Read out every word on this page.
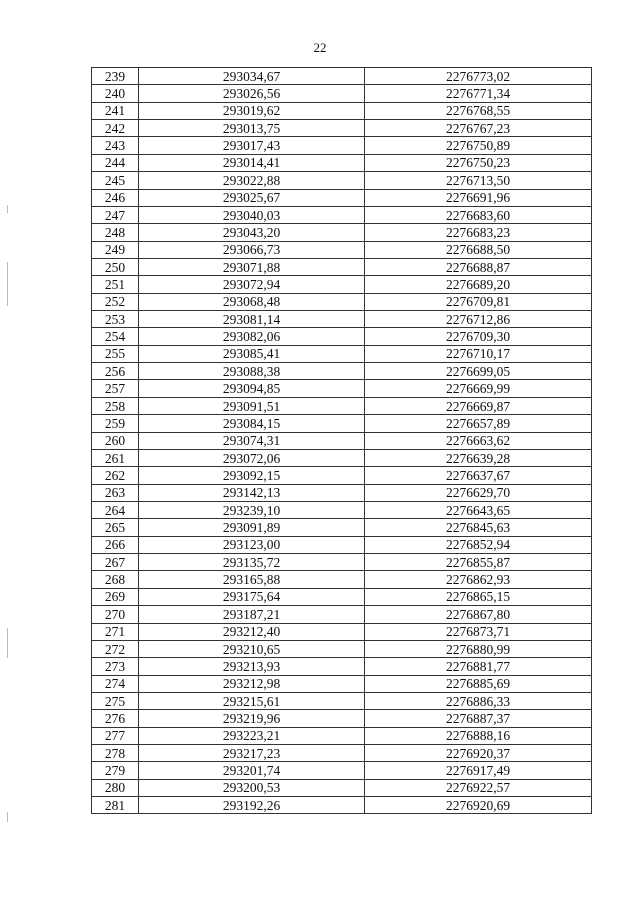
22
239	293034,67	2276773,02
240	293026,56	2276771,34
241	293019,62	2276768,55
242	293013,75	2276767,23
243	293017,43	2276750,89
244	293014,41	2276750,23
245	293022,88	2276713,50
246	293025,67	2276691,96
247	293040,03	2276683,60
248	293043,20	2276683,23
249	293066,73	2276688,50
250	293071,88	2276688,87
251	293072,94	2276689,20
252	293068,48	2276709,81
253	293081,14	2276712,86
254	293082,06	2276709,30
255	293085,41	2276710,17
256	293088,38	2276699,05
257	293094,85	2276669,99
258	293091,51	2276669,87
259	293084,15	2276657,89
260	293074,31	2276663,62
261	293072,06	2276639,28
262	293092,15	2276637,67
263	293142,13	2276629,70
264	293239,10	2276643,65
265	293091,89	2276845,63
266	293123,00	2276852,94
267	293135,72	2276855,87
268	293165,88	2276862,93
269	293175,64	2276865,15
270	293187,21	2276867,80
271	293212,40	2276873,71
272	293210,65	2276880,99
273	293213,93	2276881,77
274	293212,98	2276885,69
275	293215,61	2276886,33
276	293219,96	2276887,37
277	293223,21	2276888,16
278	293217,23	2276920,37
279	293201,74	2276917,49
280	293200,53	2276922,57
281	293192,26	2276920,69
